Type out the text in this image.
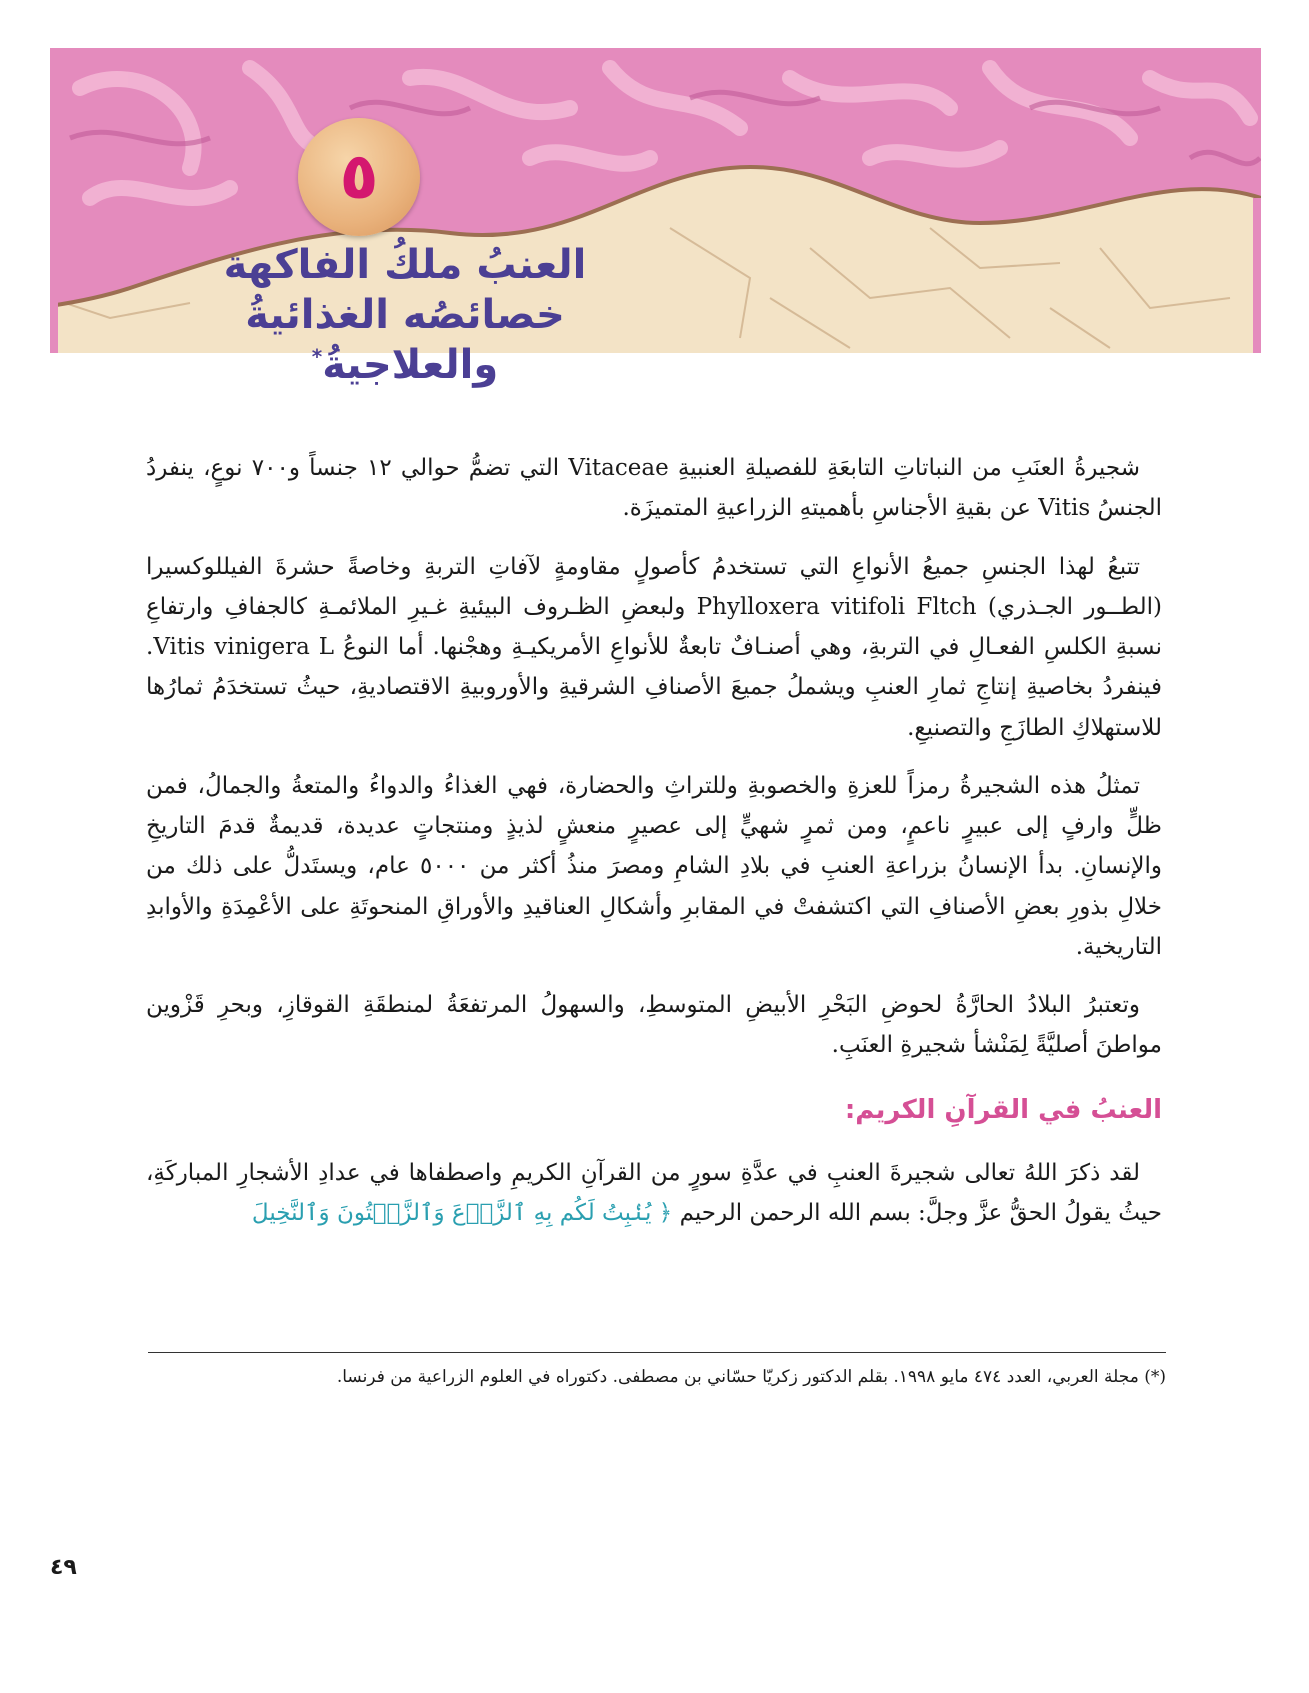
٥
العنبُ ملكُ الفاكهة
خصائصُه الغذائيةُ والعلاجيةُ*

شجيرةُ العنَبِ من النباتاتِ التابعَةِ للفصيلةِ العنبيةِ Vitaceae التي تضمُّ حوالي ١٢ جنساً و٧٠٠ نوعٍ، ينفردُ الجنسُ Vitis عن بقيةِ الأجناسِ بأهميتهِ الزراعيةِ المتميزَة.

تتبعُ لهذا الجنسِ جميعُ الأنواعِ التي تستخدمُ كأصولٍ مقاومةٍ لآفاتِ التربةِ وخاصةً حشرةَ الفيللوكسيرا (الطــور الجـذري) Phylloxera vitifoli Fltch ولبعضِ الظـروف البيئيةِ غـيرِ الملائمـةِ كالجفافِ وارتفاعِ نسبةِ الكلسِ الفعـالِ في التربةِ، وهي أصنـافٌ تابعةٌ للأنواعِ الأمريكيـةِ وهجْنها. أما النوعُ Vitis vinigera L. فينفردُ بخاصيةِ إنتاجِ ثمارِ العنبِ ويشملُ جميعَ الأصنافِ الشرقيةِ والأوروبيةِ الاقتصاديةِ، حيثُ تستخدَمُ ثمارُها للاستهلاكِ الطازَجِ والتصنيعِ.

تمثلُ هذه الشجيرةُ رمزاً للعزةِ والخصوبةِ وللتراثِ والحضارة، فهي الغذاءُ والدواءُ والمتعةُ والجمالُ، فمن ظلٍّ وارفٍ إلى عبيرٍ ناعمٍ، ومن ثمرٍ شهيٍّ إلى عصيرٍ منعشٍ لذيذٍ ومنتجاتٍ عديدة، قديمةٌ قدمَ التاريخِ والإنسانِ. بدأ الإنسانُ بزراعةِ العنبِ في بلادِ الشامِ ومصرَ منذُ أكثر من ٥٠٠٠ عام، ويستَدلُّ على ذلك من خلالِ بذورِ بعضِ الأصنافِ التي اكتشفتْ في المقابرِ وأشكالِ العناقيدِ والأوراقِ المنحوتَةِ على الأعْمِدَةِ والأوابدِ التاريخية.

وتعتبرُ البلادُ الحارَّةُ لحوضِ البَحْرِ الأبيضِ المتوسطِ، والسهولُ المرتفعَةُ لمنطقَةِ القوقازِ، وبحرِ قَزْوين مواطنَ أصليَّةً لِمَنْشأ شجيرةِ العنَبِ.

العنبُ في القرآنِ الكريم:

لقد ذكرَ اللهُ تعالى شجيرةَ العنبِ في عدَّةِ سورٍ من القرآنِ الكريمِ واصطفاها في عدادِ الأشجارِ المباركَةِ، حيثُ يقولُ الحقُّ عزَّ وجلَّ: بسم الله الرحمن الرحيم ﴿ يُنۢبِتُ لَكُم بِهِ ٱلزَّرۡعَ وَٱلزَّيۡتُونَ وَٱلنَّخِيلَ

(*) مجلة العربي، العدد ٤٧٤ مايو ١٩٩٨. بقلم الدكتور زكريّا حسّاني بن مصطفى. دكتوراه في العلوم الزراعية من فرنسا.
٤٩
